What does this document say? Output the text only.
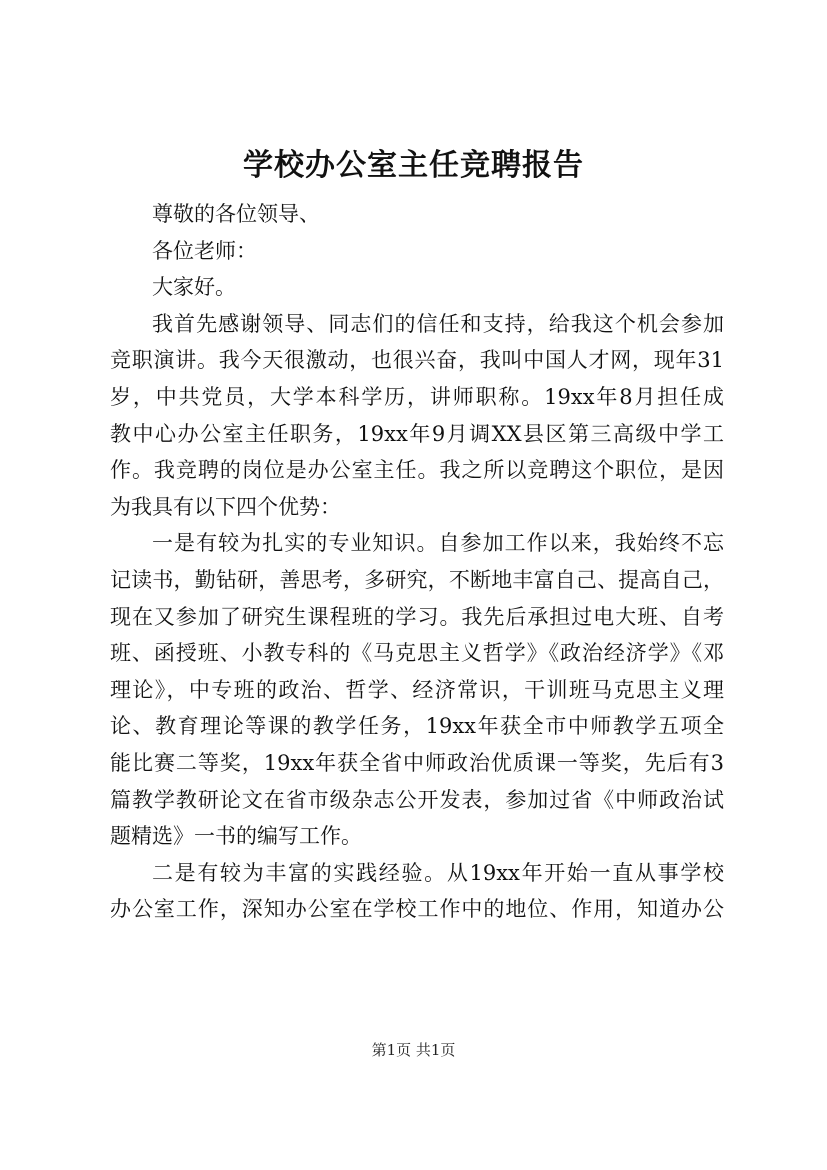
学校办公室主任竞聘报告
尊敬的各位领导、
各位老师：
大家好。
我首先感谢领导、同志们的信任和支持，给我这个机会参加
竞职演讲。我今天很激动，也很兴奋，我叫中国人才网，现年31
岁，中共党员，大学本科学历，讲师职称。19xx年8月担任成
教中心办公室主任职务，19xx年9月调XX县区第三高级中学工
作。我竞聘的岗位是办公室主任。我之所以竞聘这个职位，是因
为我具有以下四个优势：
一是有较为扎实的专业知识。自参加工作以来，我始终不忘
记读书，勤钻研，善思考，多研究，不断地丰富自己、提高自己，
现在又参加了研究生课程班的学习。我先后承担过电大班、自考
班、函授班、小教专科的《马克思主义哲学》《政治经济学》《邓
理论》，中专班的政治、哲学、经济常识，干训班马克思主义理
论、教育理论等课的教学任务，19xx年获全市中师教学五项全
能比赛二等奖，19xx年获全省中师政治优质课一等奖，先后有3
篇教学教研论文在省市级杂志公开发表，参加过省《中师政治试
题精选》一书的编写工作。
二是有较为丰富的实践经验。从19xx年开始一直从事学校
办公室工作，深知办公室在学校工作中的地位、作用，知道办公
第1页 共1页
